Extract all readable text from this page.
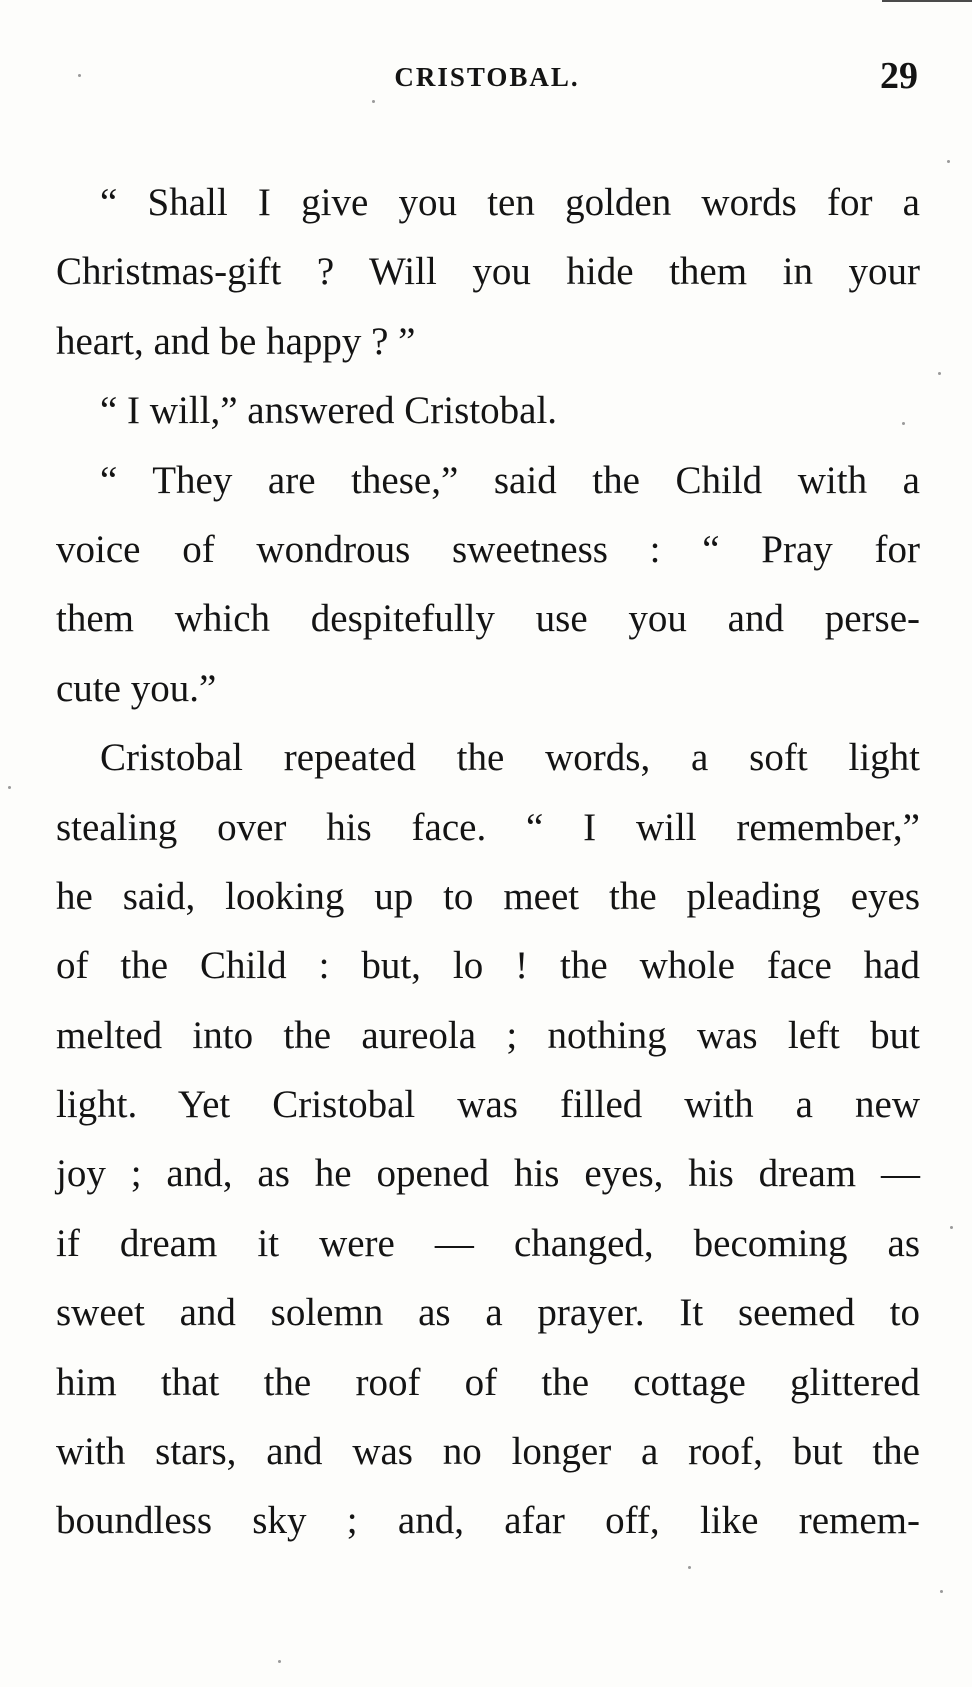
CRISTOBAL.	29
“ Shall I give you ten golden words for a
Christmas-gift ? Will you hide them in your
heart, and be happy ? ”
“ I will,” answered Cristobal.
“ They are these,” said the Child with a
voice of wondrous sweetness : “ Pray for
them which despitefully use you and perse-
cute you.”
Cristobal repeated the words, a soft light
stealing over his face. “ I will remember,”
he said, looking up to meet the pleading eyes
of the Child : but, lo ! the whole face had
melted into the aureola ; nothing was left but
light. Yet Cristobal was filled with a new
joy ; and, as he opened his eyes, his dream —
if dream it were — changed, becoming as
sweet and solemn as a prayer. It seemed to
him that the roof of the cottage glittered
with stars, and was no longer a roof, but the
boundless sky ; and, afar off, like remem-
